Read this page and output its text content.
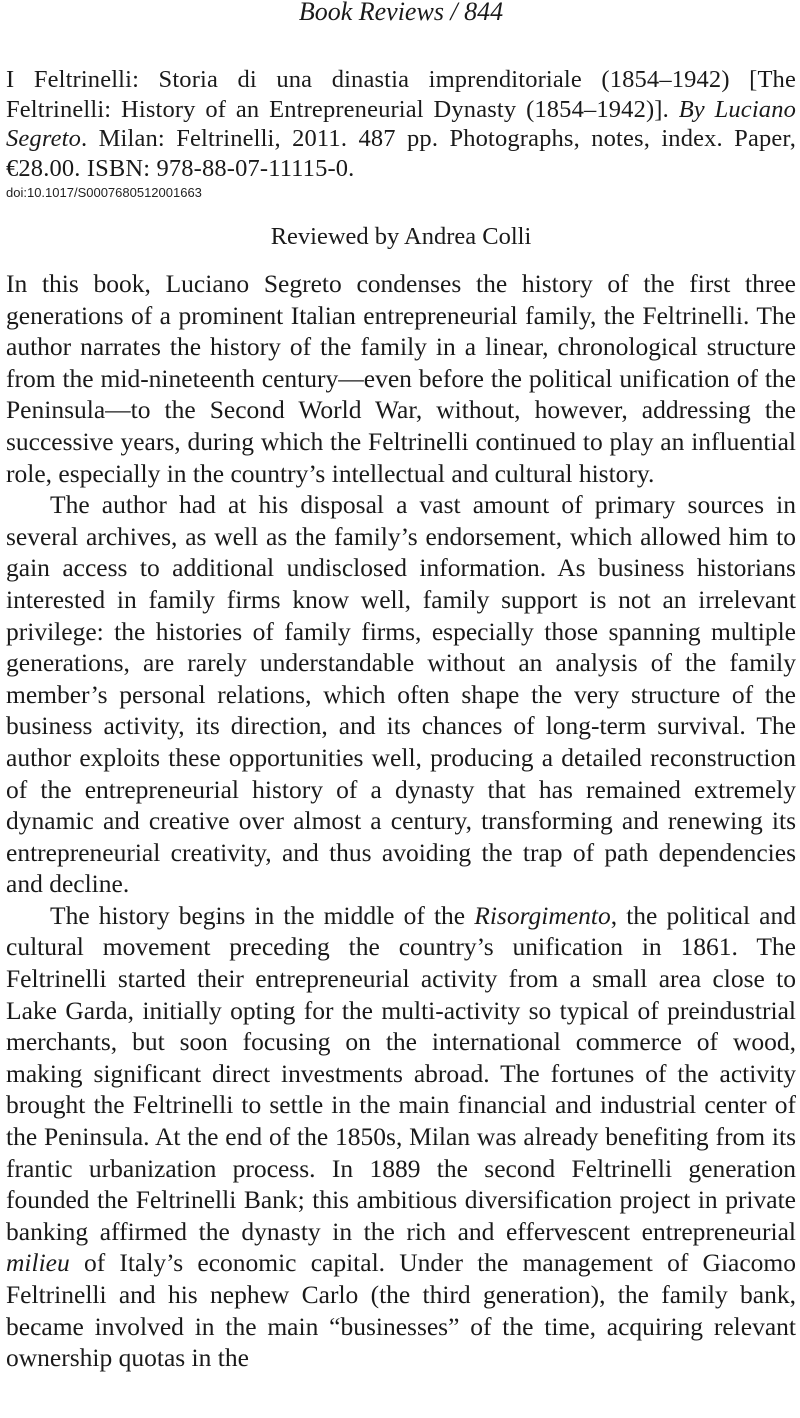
Book Reviews / 844
I Feltrinelli: Storia di una dinastia imprenditoriale (1854–1942) [The Feltrinelli: History of an Entrepreneurial Dynasty (1854–1942)]. By Luciano Segreto. Milan: Feltrinelli, 2011. 487 pp. Photographs, notes, index. Paper, €28.00. ISBN: 978-88-07-11115-0.
doi:10.1017/S0007680512001663
Reviewed by Andrea Colli

In this book, Luciano Segreto condenses the history of the first three generations of a prominent Italian entrepreneurial family, the Feltrinelli. The author narrates the history of the family in a linear, chronological structure from the mid-nineteenth century—even before the political unification of the Peninsula—to the Second World War, without, however, addressing the successive years, during which the Feltrinelli continued to play an influential role, especially in the country’s intellectual and cultural history.

The author had at his disposal a vast amount of primary sources in several archives, as well as the family’s endorsement, which allowed him to gain access to additional undisclosed information. As business historians interested in family firms know well, family support is not an irrelevant privilege: the histories of family firms, especially those spanning multiple generations, are rarely understandable without an analysis of the family member’s personal relations, which often shape the very structure of the business activity, its direction, and its chances of long-term survival. The author exploits these opportunities well, producing a detailed reconstruction of the entrepreneurial history of a dynasty that has remained extremely dynamic and creative over almost a century, transforming and renewing its entrepreneurial creativity, and thus avoiding the trap of path dependencies and decline.

The history begins in the middle of the Risorgimento, the political and cultural movement preceding the country’s unification in 1861. The Feltrinelli started their entrepreneurial activity from a small area close to Lake Garda, initially opting for the multi-activity so typical of preindustrial merchants, but soon focusing on the international commerce of wood, making significant direct investments abroad. The fortunes of the activity brought the Feltrinelli to settle in the main financial and industrial center of the Peninsula. At the end of the 1850s, Milan was already benefiting from its frantic urbanization process. In 1889 the second Feltrinelli generation founded the Feltrinelli Bank; this ambitious diversification project in private banking affirmed the dynasty in the rich and effervescent entrepreneurial milieu of Italy’s economic capital. Under the management of Giacomo Feltrinelli and his nephew Carlo (the third generation), the family bank, became involved in the main “businesses” of the time, acquiring relevant ownership quotas in the
